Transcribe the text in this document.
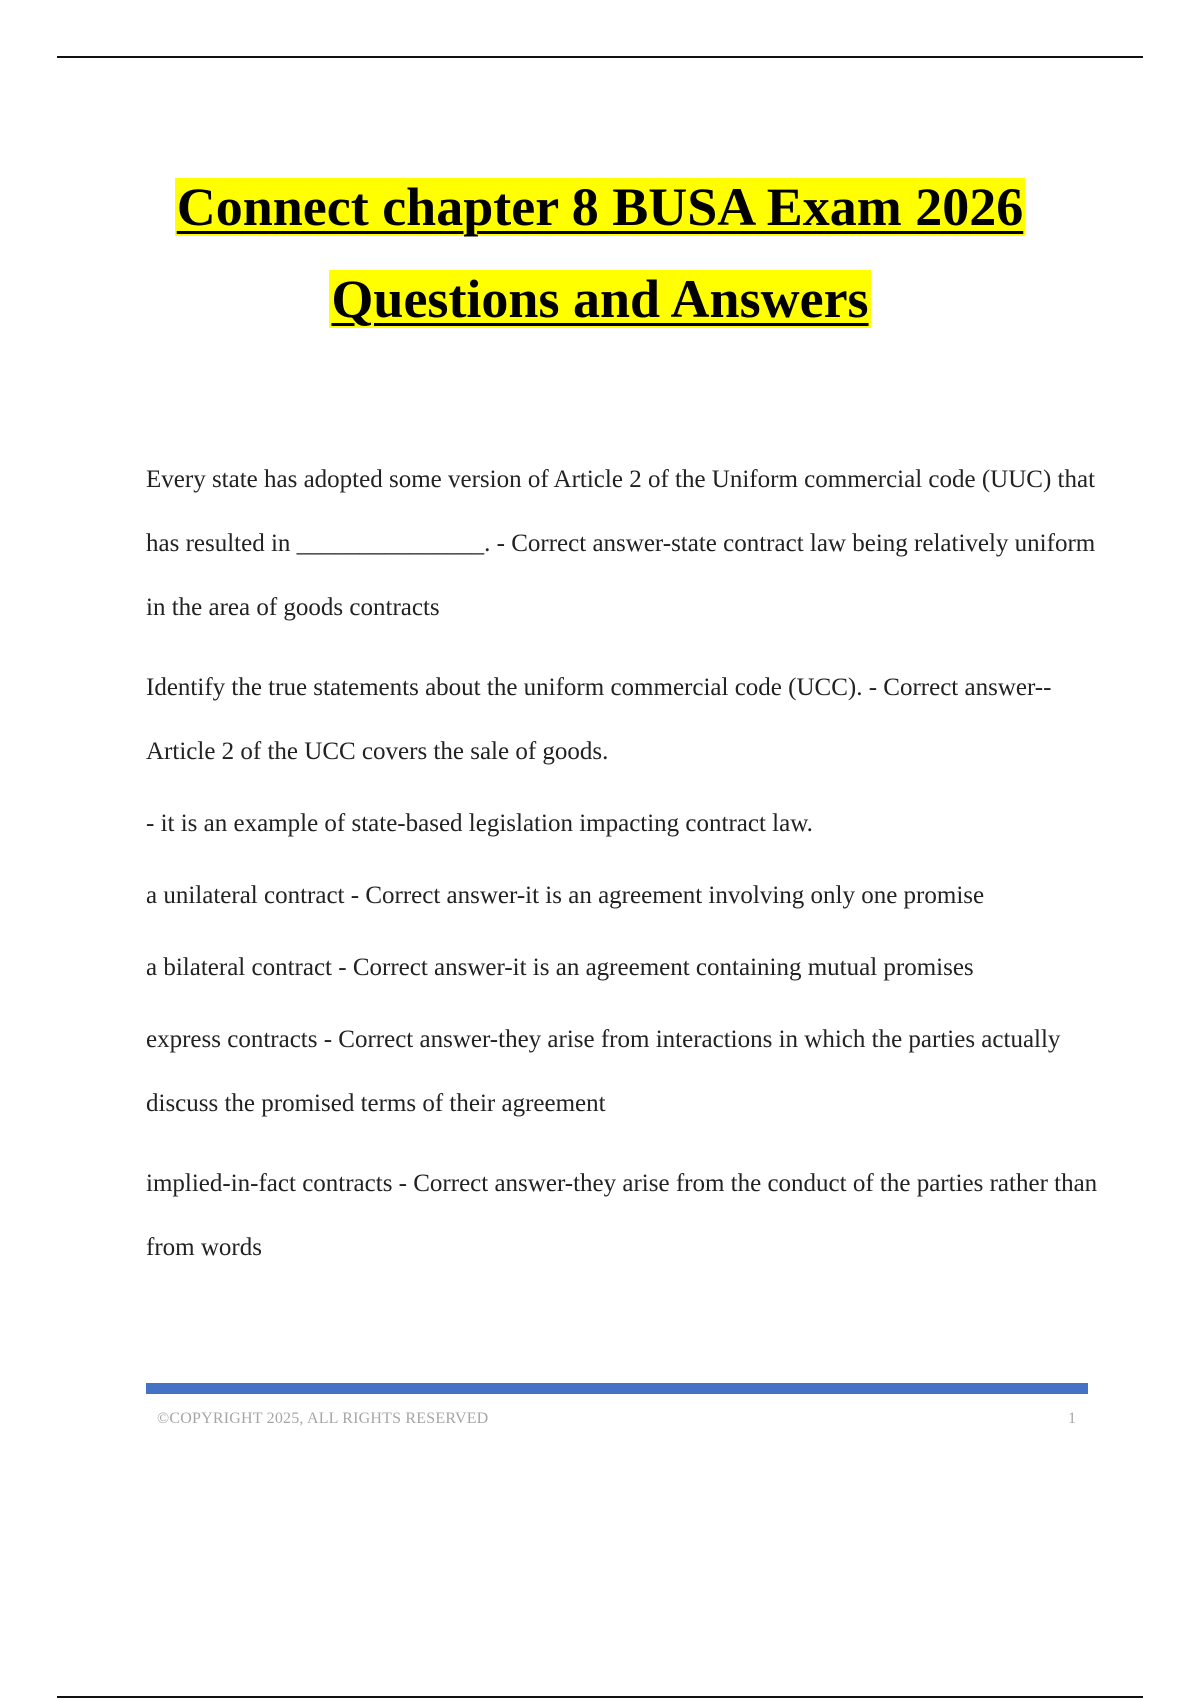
Connect chapter 8 BUSA Exam 2026
Questions and Answers

Every state has adopted some version of Article 2 of the Uniform commercial code (UUC) that has resulted in _______________. - Correct answer-state contract law being relatively uniform in the area of goods contracts

Identify the true statements about the uniform commercial code (UCC). - Correct answer-- Article 2 of the UCC covers the sale of goods.

- it is an example of state-based legislation impacting contract law.

a unilateral contract - Correct answer-it is an agreement involving only one promise

a bilateral contract - Correct answer-it is an agreement containing mutual promises

express contracts - Correct answer-they arise from interactions in which the parties actually discuss the promised terms of their agreement

implied-in-fact contracts - Correct answer-they arise from the conduct of the parties rather than from words

©COPYRIGHT 2025, ALL RIGHTS RESERVED	1
